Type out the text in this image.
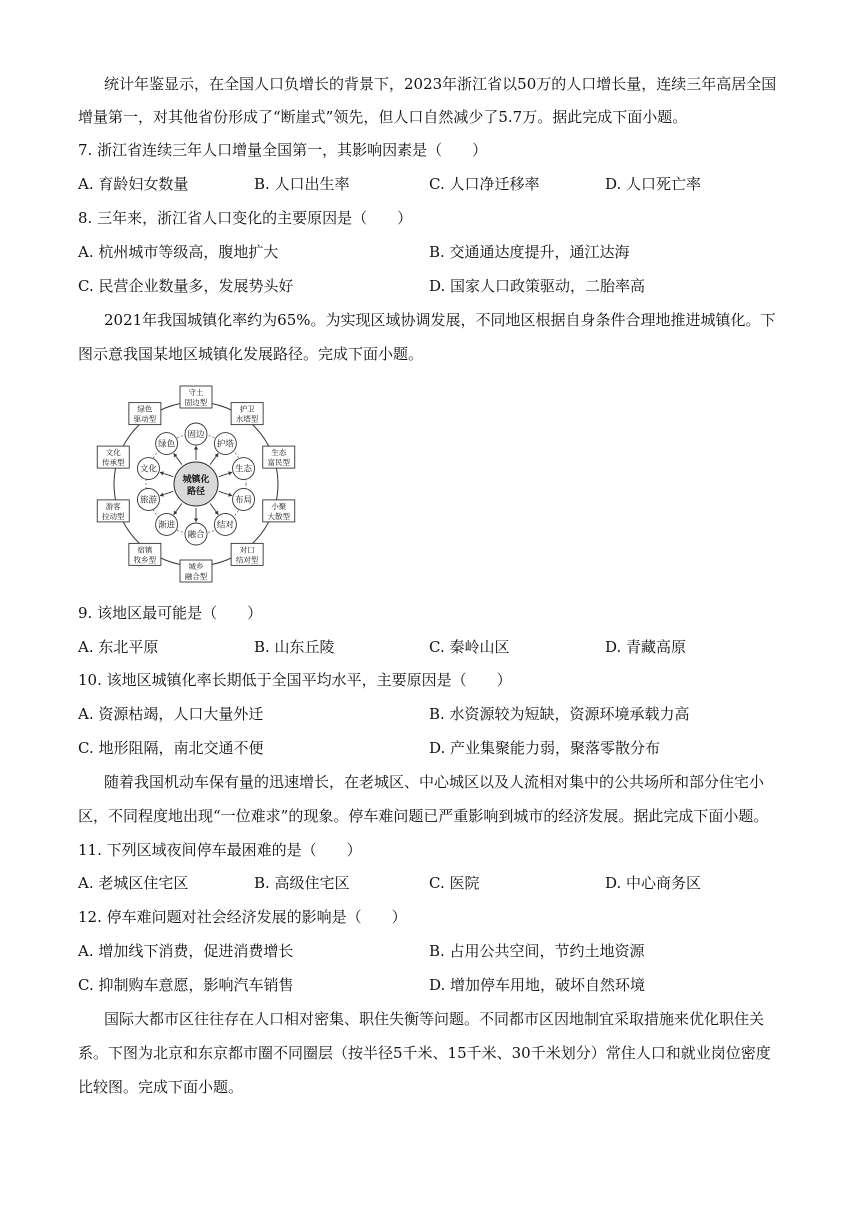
统计年鉴显示，在全国人口负增长的背景下，2023年浙江省以50万的人口增长量，连续三年高居全国
增量第一，对其他省份形成了“断崖式”领先，但人口自然减少了5.7万。据此完成下面小题。
7. 浙江省连续三年人口增量全国第一，其影响因素是（　　）
A. 育龄妇女数量	B. 人口出生率	C. 人口净迁移率	D. 人口死亡率
8. 三年来，浙江省人口变化的主要原因是（　　）
A. 杭州城市等级高，腹地扩大	B. 交通通达度提升，通江达海
C. 民营企业数量多，发展势头好	D. 国家人口政策驱动，二胎率高
2021年我国城镇化率约为65%。为实现区域协调发展，不同地区根据自身条件合理地推进城镇化。下
图示意我国某地区城镇化发展路径。完成下面小题。
固边
守土
固边型
护塔
护卫
水塔型
生态
生态
富民型
布局
小聚
大散型
结对
对口
结对型
融合
城乡
融合型
渐进
宿镇
牧乡型
旅游
游客
拉动型
文化
文化
传承型
绿色
绿色
驱动型
城镇化
路径
9. 该地区最可能是（　　）
A. 东北平原	B. 山东丘陵	C. 秦岭山区	D. 青藏高原
10. 该地区城镇化率长期低于全国平均水平，主要原因是（　　）
A. 资源枯竭，人口大量外迁	B. 水资源较为短缺，资源环境承载力高
C. 地形阻隔，南北交通不便	D. 产业集聚能力弱，聚落零散分布
随着我国机动车保有量的迅速增长，在老城区、中心城区以及人流相对集中的公共场所和部分住宅小
区，不同程度地出现“一位难求”的现象。停车难问题已严重影响到城市的经济发展。据此完成下面小题。
11. 下列区域夜间停车最困难的是（　　）
A. 老城区住宅区	B. 高级住宅区	C. 医院	D. 中心商务区
12. 停车难问题对社会经济发展的影响是（　　）
A. 增加线下消费，促进消费增长	B. 占用公共空间，节约土地资源
C. 抑制购车意愿，影响汽车销售	D. 增加停车用地，破坏自然环境
国际大都市区往往存在人口相对密集、职住失衡等问题。不同都市区因地制宜采取措施来优化职住关
系。下图为北京和东京都市圈不同圈层（按半径5千米、15千米、30千米划分）常住人口和就业岗位密度
比较图。完成下面小题。
